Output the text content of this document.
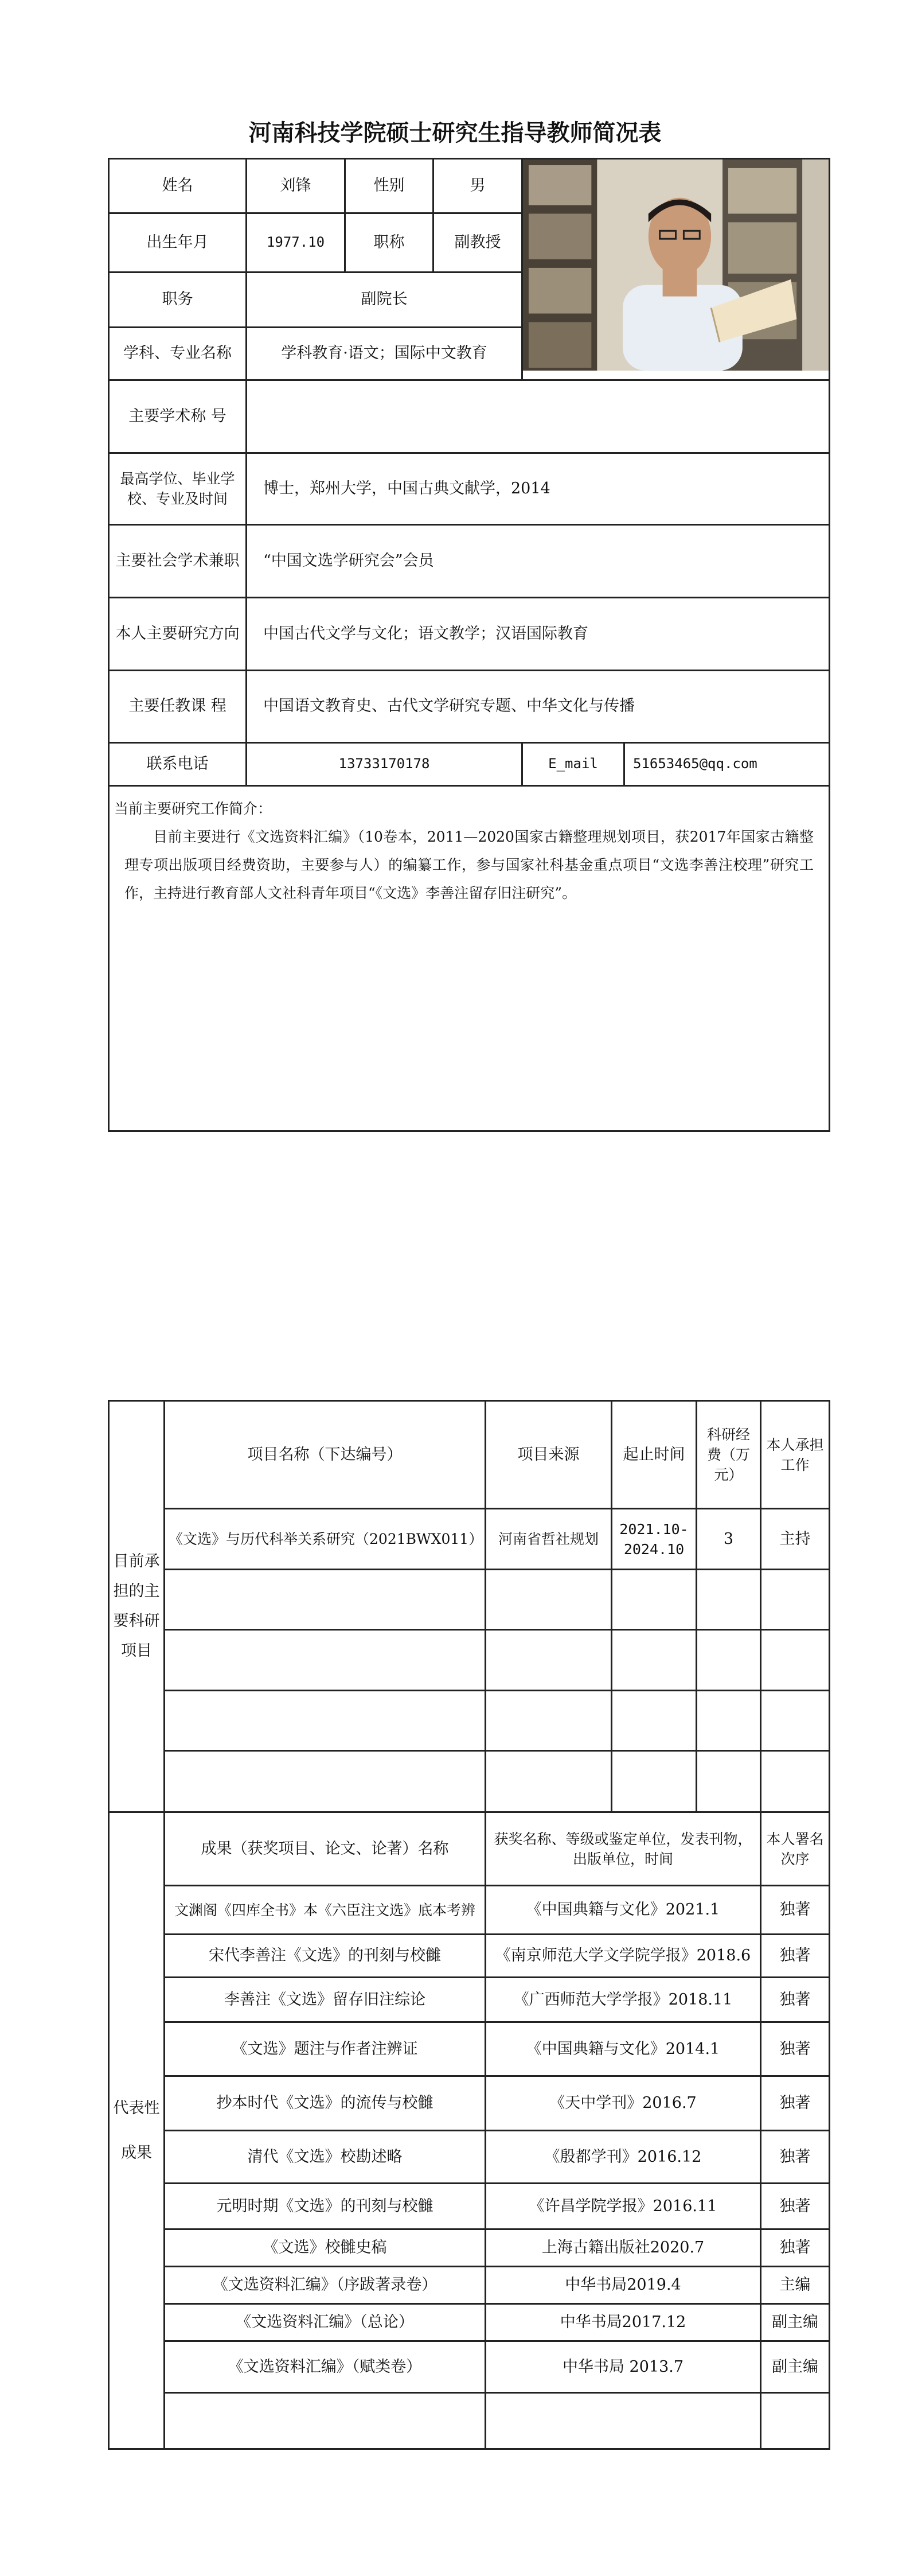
河南科技学院硕士研究生指导教师简况表
姓名	刘锋	性别	男	

出生年月	1977.10	职称	副教授		
职务	副院长				
学科、专业名称	学科教育·语文；国际中文教育				
主要学术称 号					
最高学位、毕业学校、专业及时间	博士，郑州大学，中国古典文献学，2014				
主要社会学术兼职	“中国文选学研究会”会员				
本人主要研究方向	中国古代文学与文化；语文教学；汉语国际教育				
主要任教课 程	中国语文教育史、古代文学研究专题、中华文化与传播				
联系电话	13733170178			E_mail	51653465@qq.com

当前主要研究工作简介：
目前主要进行《文选资料汇编》（10卷本，2011—2020国家古籍整理规划项目，获2017年国家古籍整理专项出版项目经费资助，主要参与人）的编纂工作，参与国家社科基金重点项目“文选李善注校理”研究工作，主持进行教育部人文社科青年项目“《文选》李善注留存旧注研究”。					
目前承担的主要科研项目	项目名称（下达编号）	项目来源	起止时间	科研经费（万元）	本人承担工作
	《文选》与历代科举关系研究（2021BWX011）	河南省哲社规划	2021.10-2024.10	3	主持

代表性成果	成果（获奖项目、论文、论著）名称	获奖名称、等级或鉴定单位，发表刊物，出版单位，时间			本人署名次序
	文渊阁《四库全书》本《六臣注文选》底本考辨	《中国典籍与文化》2021.1			独著
	宋代李善注《文选》的刊刻与校雠	《南京师范大学文学院学报》2018.6			独著
	李善注《文选》留存旧注综论	《广西师范大学学报》2018.11			独著
	《文选》题注与作者注辨证	《中国典籍与文化》2014.1			独著
	抄本时代《文选》的流传与校雠	《天中学刊》2016.7			独著
	清代《文选》校勘述略	《殷都学刊》2016.12			独著
	元明时期《文选》的刊刻与校雠	《许昌学院学报》2016.11			独著
	《文选》校雠史稿	上海古籍出版社2020.7			独著
	《文选资料汇编》（序跋著录卷）	中华书局2019.4			主编
	《文选资料汇编》（总论）	中华书局2017.12			副主编
	《文选资料汇编》（赋类卷）	中华书局 2013.7			副主编
